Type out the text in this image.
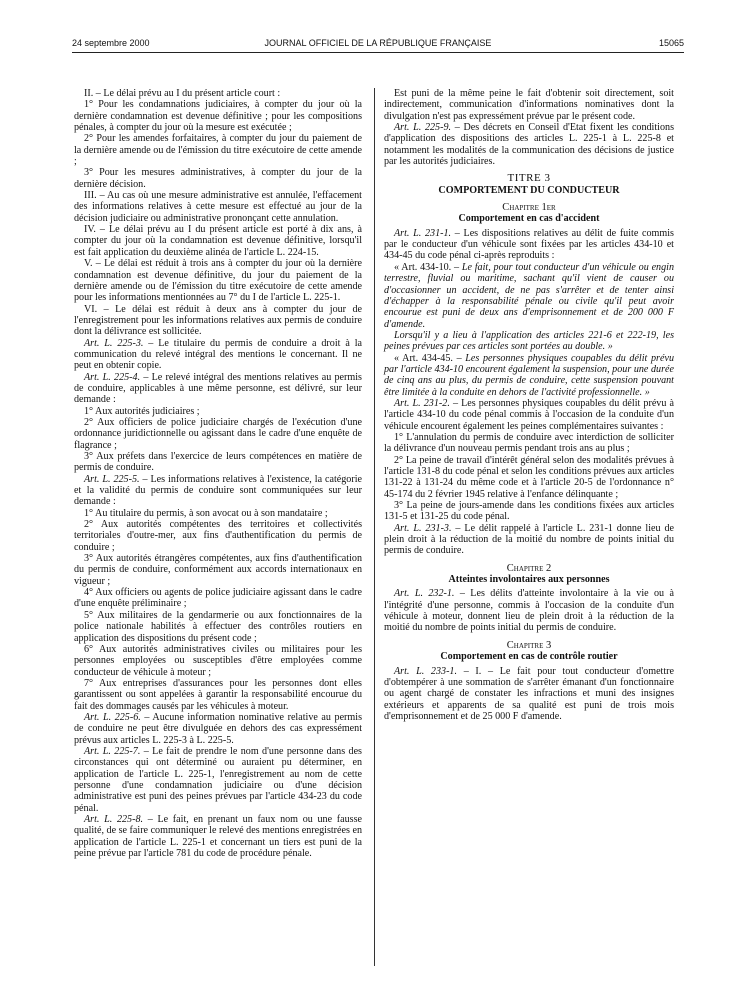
24 septembre 2000	JOURNAL OFFICIEL DE LA RÉPUBLIQUE FRANÇAISE	15065

II. – Le délai prévu au I du présent article court :

1° Pour les condamnations judiciaires, à compter du jour où la dernière condamnation est devenue définitive ; pour les compositions pénales, à compter du jour où la mesure est exécutée ;

2° Pour les amendes forfaitaires, à compter du jour du paiement de la dernière amende ou de l'émission du titre exécutoire de cette amende ;

3° Pour les mesures administratives, à compter du jour de la dernière décision.

III. – Au cas où une mesure administrative est annulée, l'effacement des informations relatives à cette mesure est effectué au jour de la décision judiciaire ou administrative prononçant cette annulation.

IV. – Le délai prévu au I du présent article est porté à dix ans, à compter du jour où la condamnation est devenue définitive, lorsqu'il est fait application du deuxième alinéa de l'article L. 224-15.

V. – Le délai est réduit à trois ans à compter du jour où la dernière condamnation est devenue définitive, du jour du paiement de la dernière amende ou de l'émission du titre exécutoire de cette amende pour les informations mentionnées au 7° du I de l'article L. 225-1.

VI. – Le délai est réduit à deux ans à compter du jour de l'enregistrement pour les informations relatives aux permis de conduire dont la délivrance est sollicitée.

Art. L. 225-3. – Le titulaire du permis de conduire a droit à la communication du relevé intégral des mentions le concernant. Il ne peut en obtenir copie.

Art. L. 225-4. – Le relevé intégral des mentions relatives au permis de conduire, applicables à une même personne, est délivré, sur leur demande :

1° Aux autorités judiciaires ;

2° Aux officiers de police judiciaire chargés de l'exécution d'une ordonnance juridictionnelle ou agissant dans le cadre d'une enquête de flagrance ;

3° Aux préfets dans l'exercice de leurs compétences en matière de permis de conduire.

Art. L. 225-5. – Les informations relatives à l'existence, la catégorie et la validité du permis de conduire sont communiquées sur leur demande :

1° Au titulaire du permis, à son avocat ou à son mandataire ;

2° Aux autorités compétentes des territoires et collectivités territoriales d'outre-mer, aux fins d'authentification du permis de conduire ;

3° Aux autorités étrangères compétentes, aux fins d'authentification du permis de conduire, conformément aux accords internationaux en vigueur ;

4° Aux officiers ou agents de police judiciaire agissant dans le cadre d'une enquête préliminaire ;

5° Aux militaires de la gendarmerie ou aux fonctionnaires de la police nationale habilités à effectuer des contrôles routiers en application des dispositions du présent code ;

6° Aux autorités administratives civiles ou militaires pour les personnes employées ou susceptibles d'être employées comme conducteur de véhicule à moteur ;

7° Aux entreprises d'assurances pour les personnes dont elles garantissent ou sont appelées à garantir la responsabilité encourue du fait des dommages causés par les véhicules à moteur.

Art. L. 225-6. – Aucune information nominative relative au permis de conduire ne peut être divulguée en dehors des cas expressément prévus aux articles L. 225-3 à L. 225-5.

Art. L. 225-7. – Le fait de prendre le nom d'une personne dans des circonstances qui ont déterminé ou auraient pu déterminer, en application de l'article L. 225-1, l'enregistrement au nom de cette personne d'une condamnation judiciaire ou d'une décision administrative est puni des peines prévues par l'article 434-23 du code pénal.

Art. L. 225-8. – Le fait, en prenant un faux nom ou une fausse qualité, de se faire communiquer le relevé des mentions enregistrées en application de l'article L. 225-1 et concernant un tiers est puni de la peine prévue par l'article 781 du code de procédure pénale.

Est puni de la même peine le fait d'obtenir soit directement, soit indirectement, communication d'informations nominatives dont la divulgation n'est pas expressément prévue par le présent code.

Art. L. 225-9. – Des décrets en Conseil d'Etat fixent les conditions d'application des dispositions des articles L. 225-1 à L. 225-8 et notamment les modalités de la communication des décisions de justice par les autorités judiciaires.

TITRE 3

COMPORTEMENT DU CONDUCTEUR

Chapitre 1er

Comportement en cas d'accident

Art. L. 231-1. – Les dispositions relatives au délit de fuite commis par le conducteur d'un véhicule sont fixées par les articles 434-10 et 434-45 du code pénal ci-après reproduits :

« Art. 434-10. – Le fait, pour tout conducteur d'un véhicule ou engin terrestre, fluvial ou maritime, sachant qu'il vient de causer ou d'occasionner un accident, de ne pas s'arrêter et de tenter ainsi d'échapper à la responsabilité pénale ou civile qu'il peut avoir encourue est puni de deux ans d'emprisonnement et de 200 000 F d'amende.

Lorsqu'il y a lieu à l'application des articles 221-6 et 222-19, les peines prévues par ces articles sont portées au double. »

« Art. 434-45. – Les personnes physiques coupables du délit prévu par l'article 434-10 encourent également la suspension, pour une durée de cinq ans au plus, du permis de conduire, cette suspension pouvant être limitée à la conduite en dehors de l'activité professionnelle. »

Art. L. 231-2. – Les personnes physiques coupables du délit prévu à l'article 434-10 du code pénal commis à l'occasion de la conduite d'un véhicule encourent également les peines complémentaires suivantes :

1° L'annulation du permis de conduire avec interdiction de solliciter la délivrance d'un nouveau permis pendant trois ans au plus ;

2° La peine de travail d'intérêt général selon des modalités prévues à l'article 131-8 du code pénal et selon les conditions prévues aux articles 131-22 à 131-24 du même code et à l'article 20-5 de l'ordonnance n° 45-174 du 2 février 1945 relative à l'enfance délinquante ;

3° La peine de jours-amende dans les conditions fixées aux articles 131-5 et 131-25 du code pénal.

Art. L. 231-3. – Le délit rappelé à l'article L. 231-1 donne lieu de plein droit à la réduction de la moitié du nombre de points initial du permis de conduire.

Chapitre 2

Atteintes involontaires aux personnes

Art. L. 232-1. – Les délits d'atteinte involontaire à la vie ou à l'intégrité d'une personne, commis à l'occasion de la conduite d'un véhicule à moteur, donnent lieu de plein droit à la réduction de la moitié du nombre de points initial du permis de conduire.

Chapitre 3

Comportement en cas de contrôle routier

Art. L. 233-1. – I. – Le fait pour tout conducteur d'omettre d'obtempérer à une sommation de s'arrêter émanant d'un fonctionnaire ou agent chargé de constater les infractions et muni des insignes extérieurs et apparents de sa qualité est puni de trois mois d'emprisonnement et de 25 000 F d'amende.
